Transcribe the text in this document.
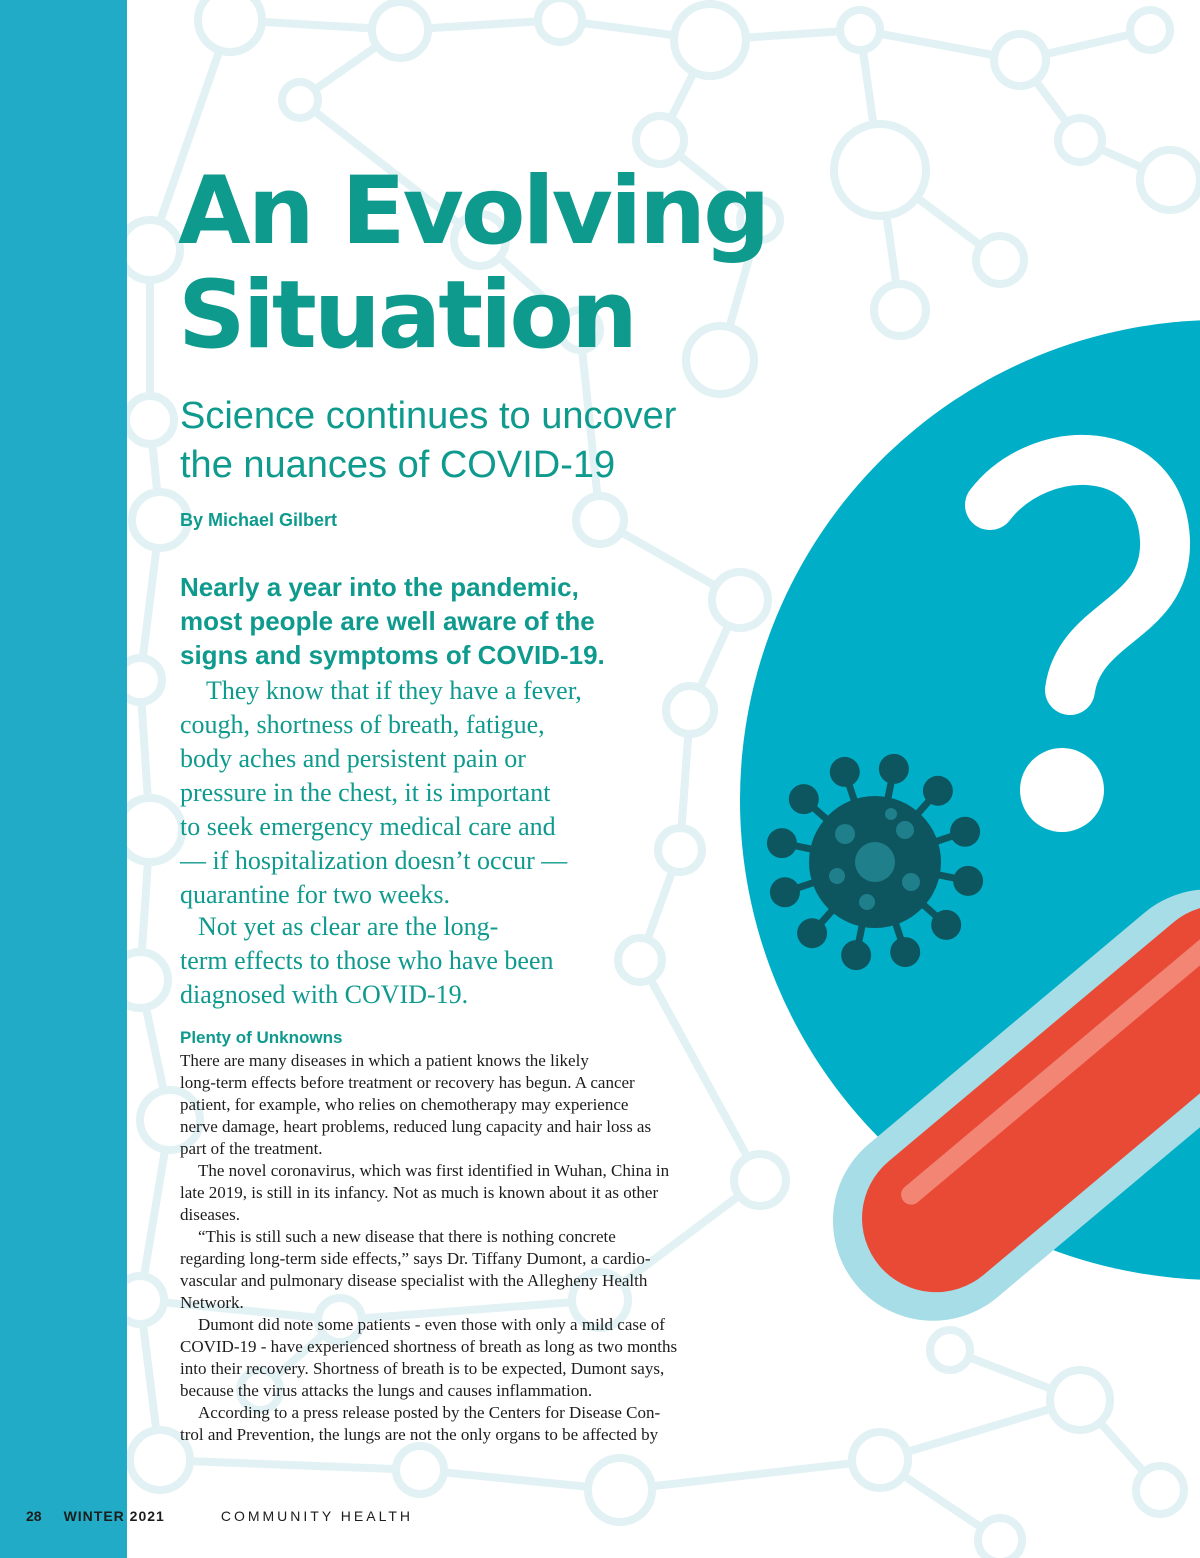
An Evolving
Situation
Science continues to uncover
the nuances of COVID-19

By Michael Gilbert

Nearly a year into the pandemic,
most people are well aware of the
signs and symptoms of COVID-19.

They know that if they have a fever,
cough, shortness of breath, fatigue,
body aches and persistent pain or
pressure in the chest, it is important
to seek emergency medical care and
— if hospitalization doesn’t occur —
quarantine for two weeks.

Not yet as clear are the long-
term effects to those who have been
diagnosed with COVID-19.

Plenty of Unknowns

There are many diseases in which a patient knows the likely
long-term effects before treatment or recovery has begun. A cancer
patient, for example, who relies on chemotherapy may experience
nerve damage, heart problems, reduced lung capacity and hair loss as
part of the treatment.

The novel coronavirus, which was first identified in Wuhan, China in
late 2019, is still in its infancy. Not as much is known about it as other
diseases.

“This is still such a new disease that there is nothing concrete
regarding long-term side effects,” says Dr. Tiffany Dumont, a cardio-
vascular and pulmonary disease specialist with the Allegheny Health
Network.

Dumont did note some patients - even those with only a mild case of
COVID-19 - have experienced shortness of breath as long as two months
into their recovery. Shortness of breath is to be expected, Dumont says,
because the virus attacks the lungs and causes inflammation.

According to a press release posted by the Centers for Disease Con-
trol and Prevention, the lungs are not the only organs to be affected by

28 WINTER 2021	COMMUNITY HEALTH
